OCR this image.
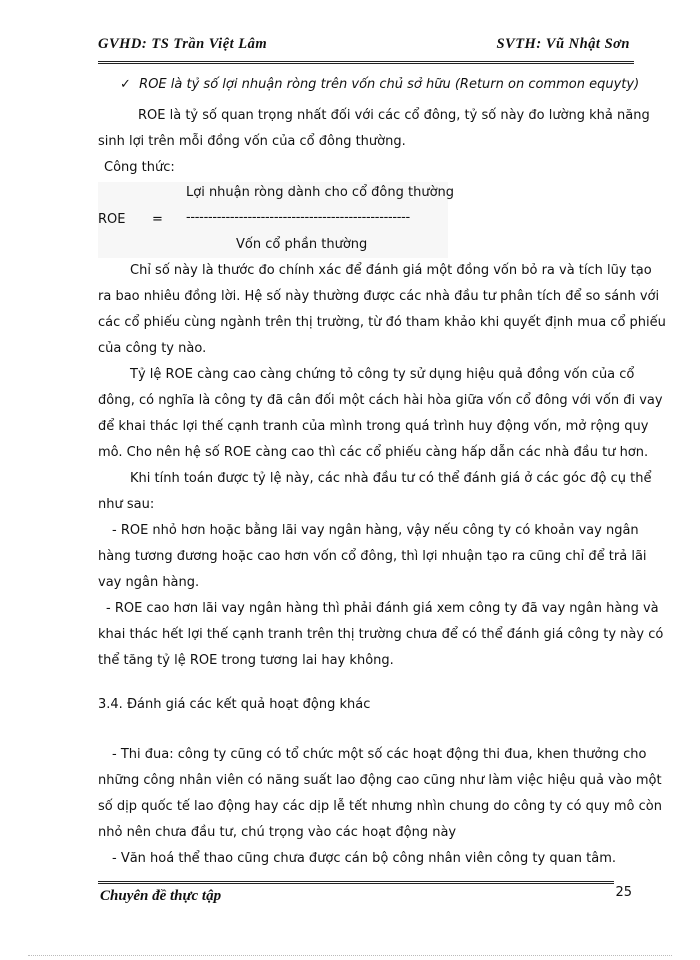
GVHD: TS Trần Việt Lâm	SVTH: Vũ Nhật Sơn
✓ ROE là tỷ số lợi nhuận ròng trên vốn chủ sở hữu (Return on common equyty)
ROE là tỷ số quan trọng nhất đối với các cổ đông, tỷ số này đo lường khả năng
sinh lợi trên mỗi đồng vốn của cổ đông thường.
Công thức:
Lợi nhuận ròng dành cho cổ đông thường
ROE = ---------------------------------------------------
Vốn cổ phần thường
Chỉ số này là thước đo chính xác để đánh giá một đồng vốn bỏ ra và tích lũy tạo
ra bao nhiêu đồng lời. Hệ số này thường được các nhà đầu tư phân tích để so sánh với
các cổ phiếu cùng ngành trên thị trường, từ đó tham khảo khi quyết định mua cổ phiếu
của công ty nào.
Tỷ lệ ROE càng cao càng chứng tỏ công ty sử dụng hiệu quả đồng vốn của cổ
đông, có nghĩa là công ty đã cân đối một cách hài hòa giữa vốn cổ đông với vốn đi vay
để khai thác lợi thế cạnh tranh của mình trong quá trình huy động vốn, mở rộng quy
mô. Cho nên hệ số ROE càng cao thì các cổ phiếu càng hấp dẫn các nhà đầu tư hơn.
Khi tính toán được tỷ lệ này, các nhà đầu tư có thể đánh giá ở các góc độ cụ thể
như sau:
- ROE nhỏ hơn hoặc bằng lãi vay ngân hàng, vậy nếu công ty có khoản vay ngân
hàng tương đương hoặc cao hơn vốn cổ đông, thì lợi nhuận tạo ra cũng chỉ để trả lãi
vay ngân hàng.
- ROE cao hơn lãi vay ngân hàng thì phải đánh giá xem công ty đã vay ngân hàng và
khai thác hết lợi thế cạnh tranh trên thị trường chưa để có thể đánh giá công ty này có
thể tăng tỷ lệ ROE trong tương lai hay không.
3.4. Đánh giá các kết quả hoạt động khác
- Thi đua: công ty cũng có tổ chức một số các hoạt động thi đua, khen thưởng cho
những công nhân viên có năng suất lao động cao cũng như làm việc hiệu quả vào một
số dịp quốc tế lao động hay các dịp lễ tết nhưng nhìn chung do công ty có quy mô còn
nhỏ nên chưa đầu tư, chú trọng vào các hoạt động này
- Văn hoá thể thao cũng chưa được cán bộ công nhân viên công ty quan tâm.
Chuyên đề thực tập	25
